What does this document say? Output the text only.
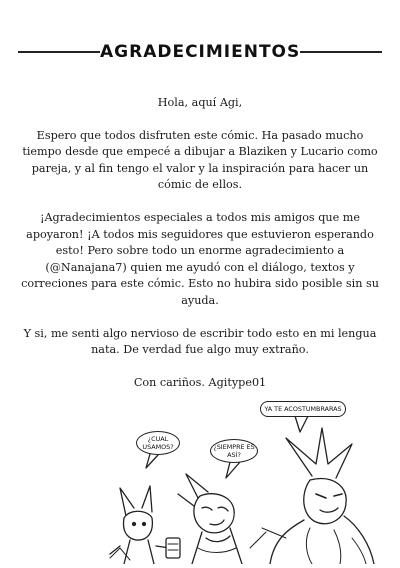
AGRADECIMIENTOS

Hola, aquí Agi,

Espero que todos disfruten este cómic. Ha pasado mucho tiempo desde que empecé a dibujar a Blaziken y Lucario como pareja, y al fin tengo el valor y la inspiración para hacer un cómic de ellos.

¡Agradecimientos especiales a todos mis amigos que me apoyaron! ¡A todos mis seguidores que estuvieron esperando esto! Pero sobre todo un enorme agradecimiento a (@Nanajana7) quien me ayudó con el diálogo, textos y correciones para este cómic. Esto no hubira sido posible sin su ayuda.

Y si, me senti algo nervioso de escribir todo esto en mi lengua nata. De verdad fue algo muy extraño.

Con cariños. Agitype01

¿CUAL USAMOS?	¿SIEMPRE ES ASÍ?
YA TE ACOSTUMBRARAS
